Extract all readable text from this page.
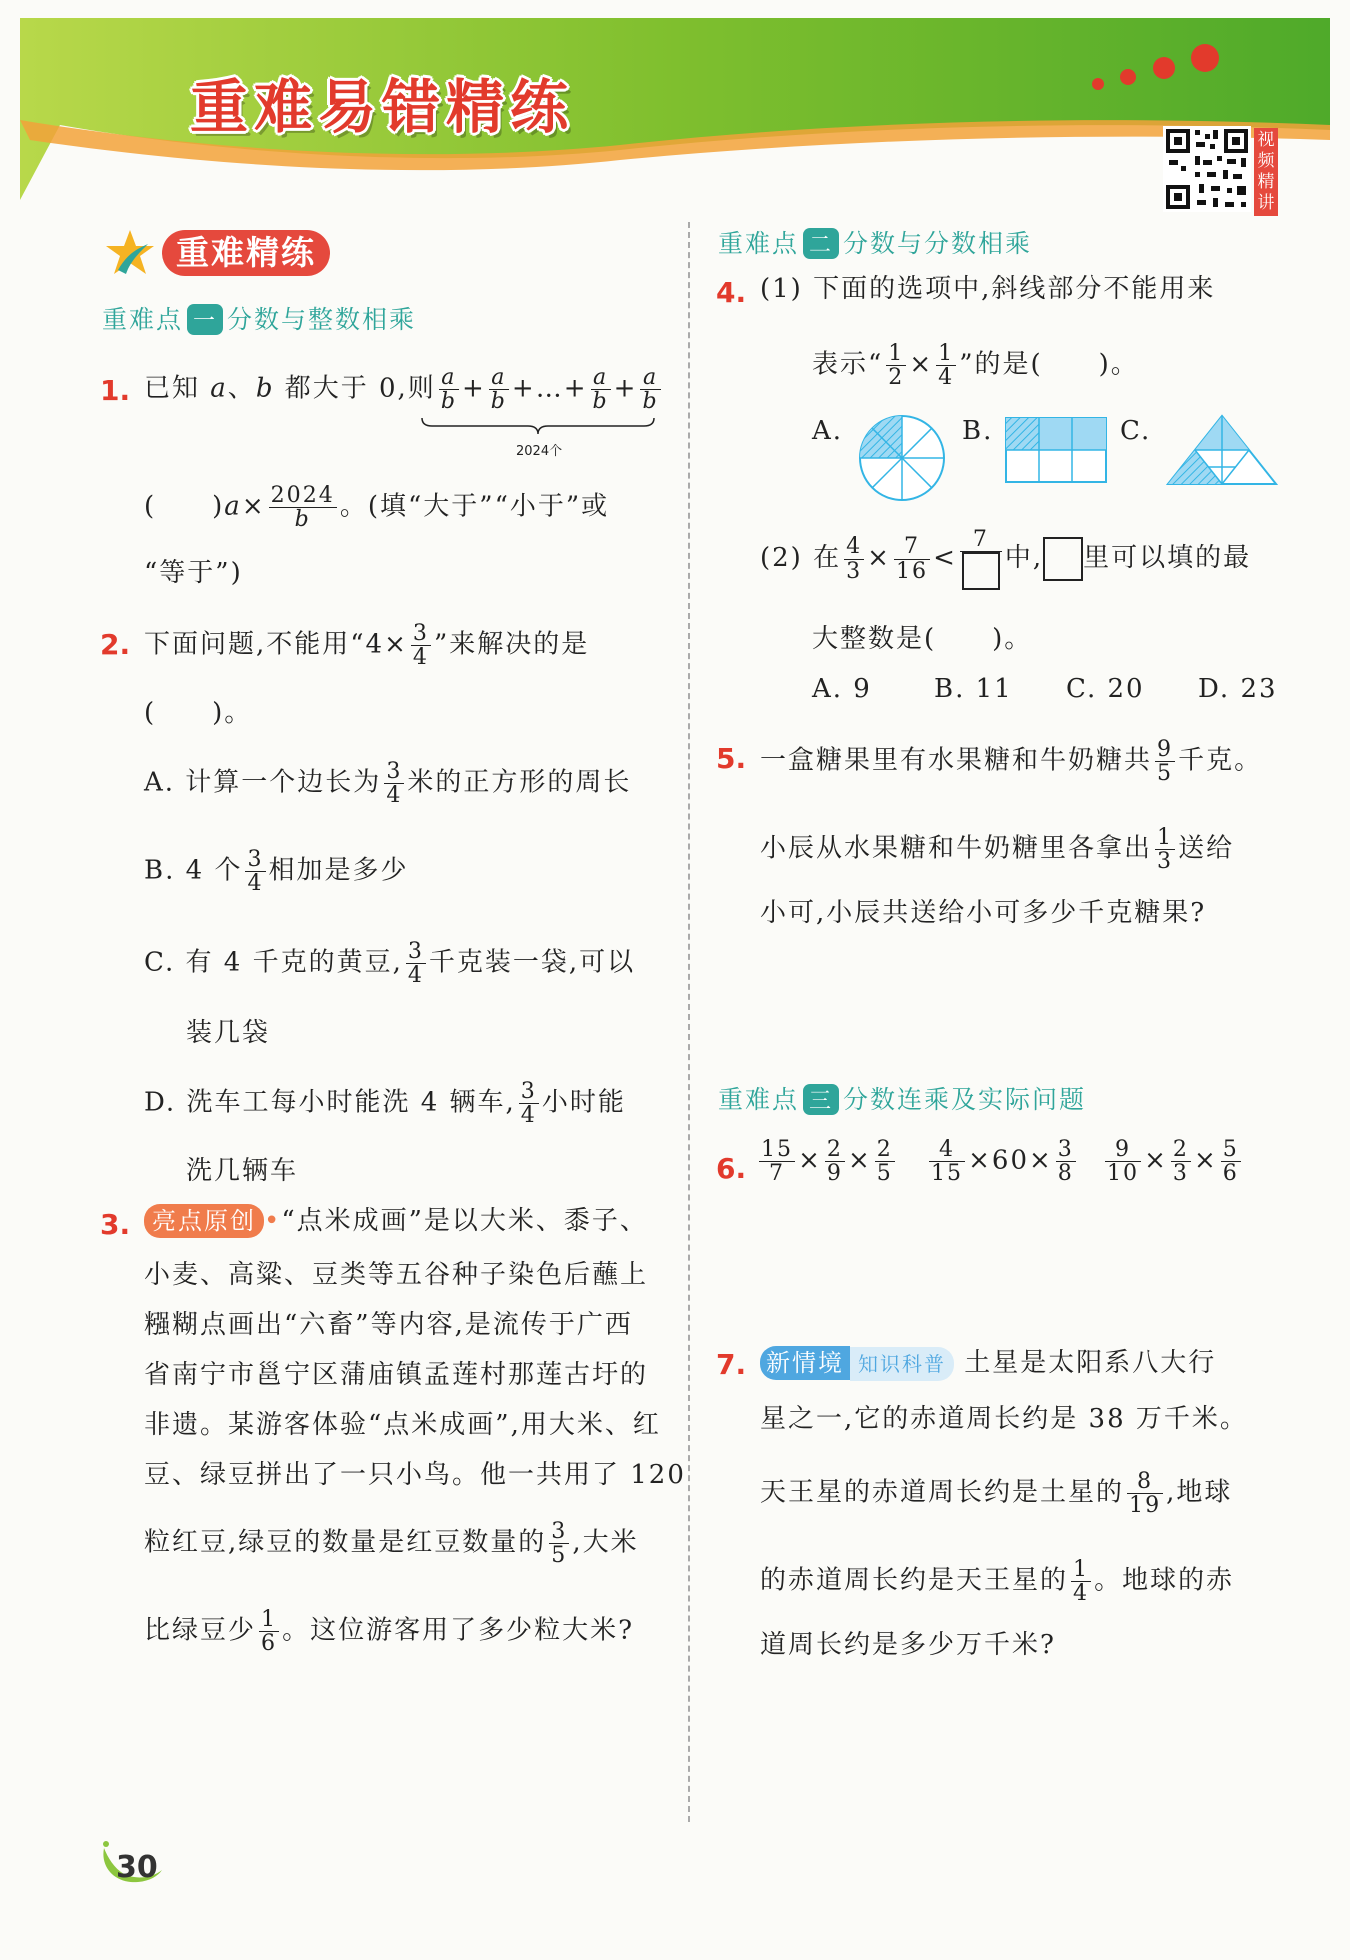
重难易错精练	视频精讲
重难精练
重难点 一 分数与整数相乘
1. 已知 a、b 都大于 0,则 $\frac{a}{b} + \frac{a}{b}$ +…+ $\frac{a}{b} + \frac{a}{b}$
2024个
(　　)$a\times \frac{2024}{b}$ 。(填“大于”“小于”或
“等于”)
2. 下面问题,不能用“$4\times \frac{3}{4}$ ”来解决的是
(　　)。
A. 计算一个边长为 $\frac{3}{4}$ 米的正方形的周长
B. 4 个 $\frac{3}{4}$ 相加是多少
C. 有 4 千克的黄豆, $\frac{3}{4}$ 千克装一袋,可以
装几袋
D. 洗车工每小时能洗 4 辆车, $\frac{3}{4}$ 小时能
洗几辆车
3. 亮点原创 •“点米成画”是以大米、黍子、
小麦、高粱、豆类等五谷种子染色后蘸上
糨糊点画出“六畜”等内容,是流传于广西
省南宁市邕宁区蒲庙镇孟莲村那莲古圩的
非遗。某游客体验“点米成画”,用大米、红
豆、绿豆拼出了一只小鸟。他一共用了 120
粒红豆,绿豆的数量是红豆数量的 $\frac{3}{5}$ ,大米
比绿豆少 $\frac{1}{6}$ 。这位游客用了多少粒大米?
重难点 二 分数与分数相乘
4. (1) 下面的选项中,斜线部分不能用来
表示“ $\frac{1}{2} \times \frac{1}{4}$ ”的是(　　)。
A.	B.	C.
(2) 在 $\frac{4}{3} \times \frac{7}{16}$ <
7
中, 里可以填的最
大整数是(　　)。
A. 9 B. 11 C. 20 D. 23
5. 一盒糖果里有水果糖和牛奶糖共 $\frac{9}{5}$ 千克。
小辰从水果糖和牛奶糖里各拿出 $\frac{1}{3}$ 送给
小可,小辰共送给小可多少千克糖果?
重难点 三 分数连乘及实际问题
6. $\frac{15}{7} \times \frac{2}{9} \times \frac{2}{5} \frac{4}{15} \times 60\times \frac{3}{8} \frac{9}{10} \times \frac{2}{3} \times \frac{5}{6}$
7. 新情境 知识科普 土星是太阳系八大行
星之一,它的赤道周长约是 38 万千米。
天王星的赤道周长约是土星的 $\frac{8}{19}$ ,地球
的赤道周长约是天王星的 $\frac{1}{4}$ 。地球的赤
道周长约是多少万千米?
30
